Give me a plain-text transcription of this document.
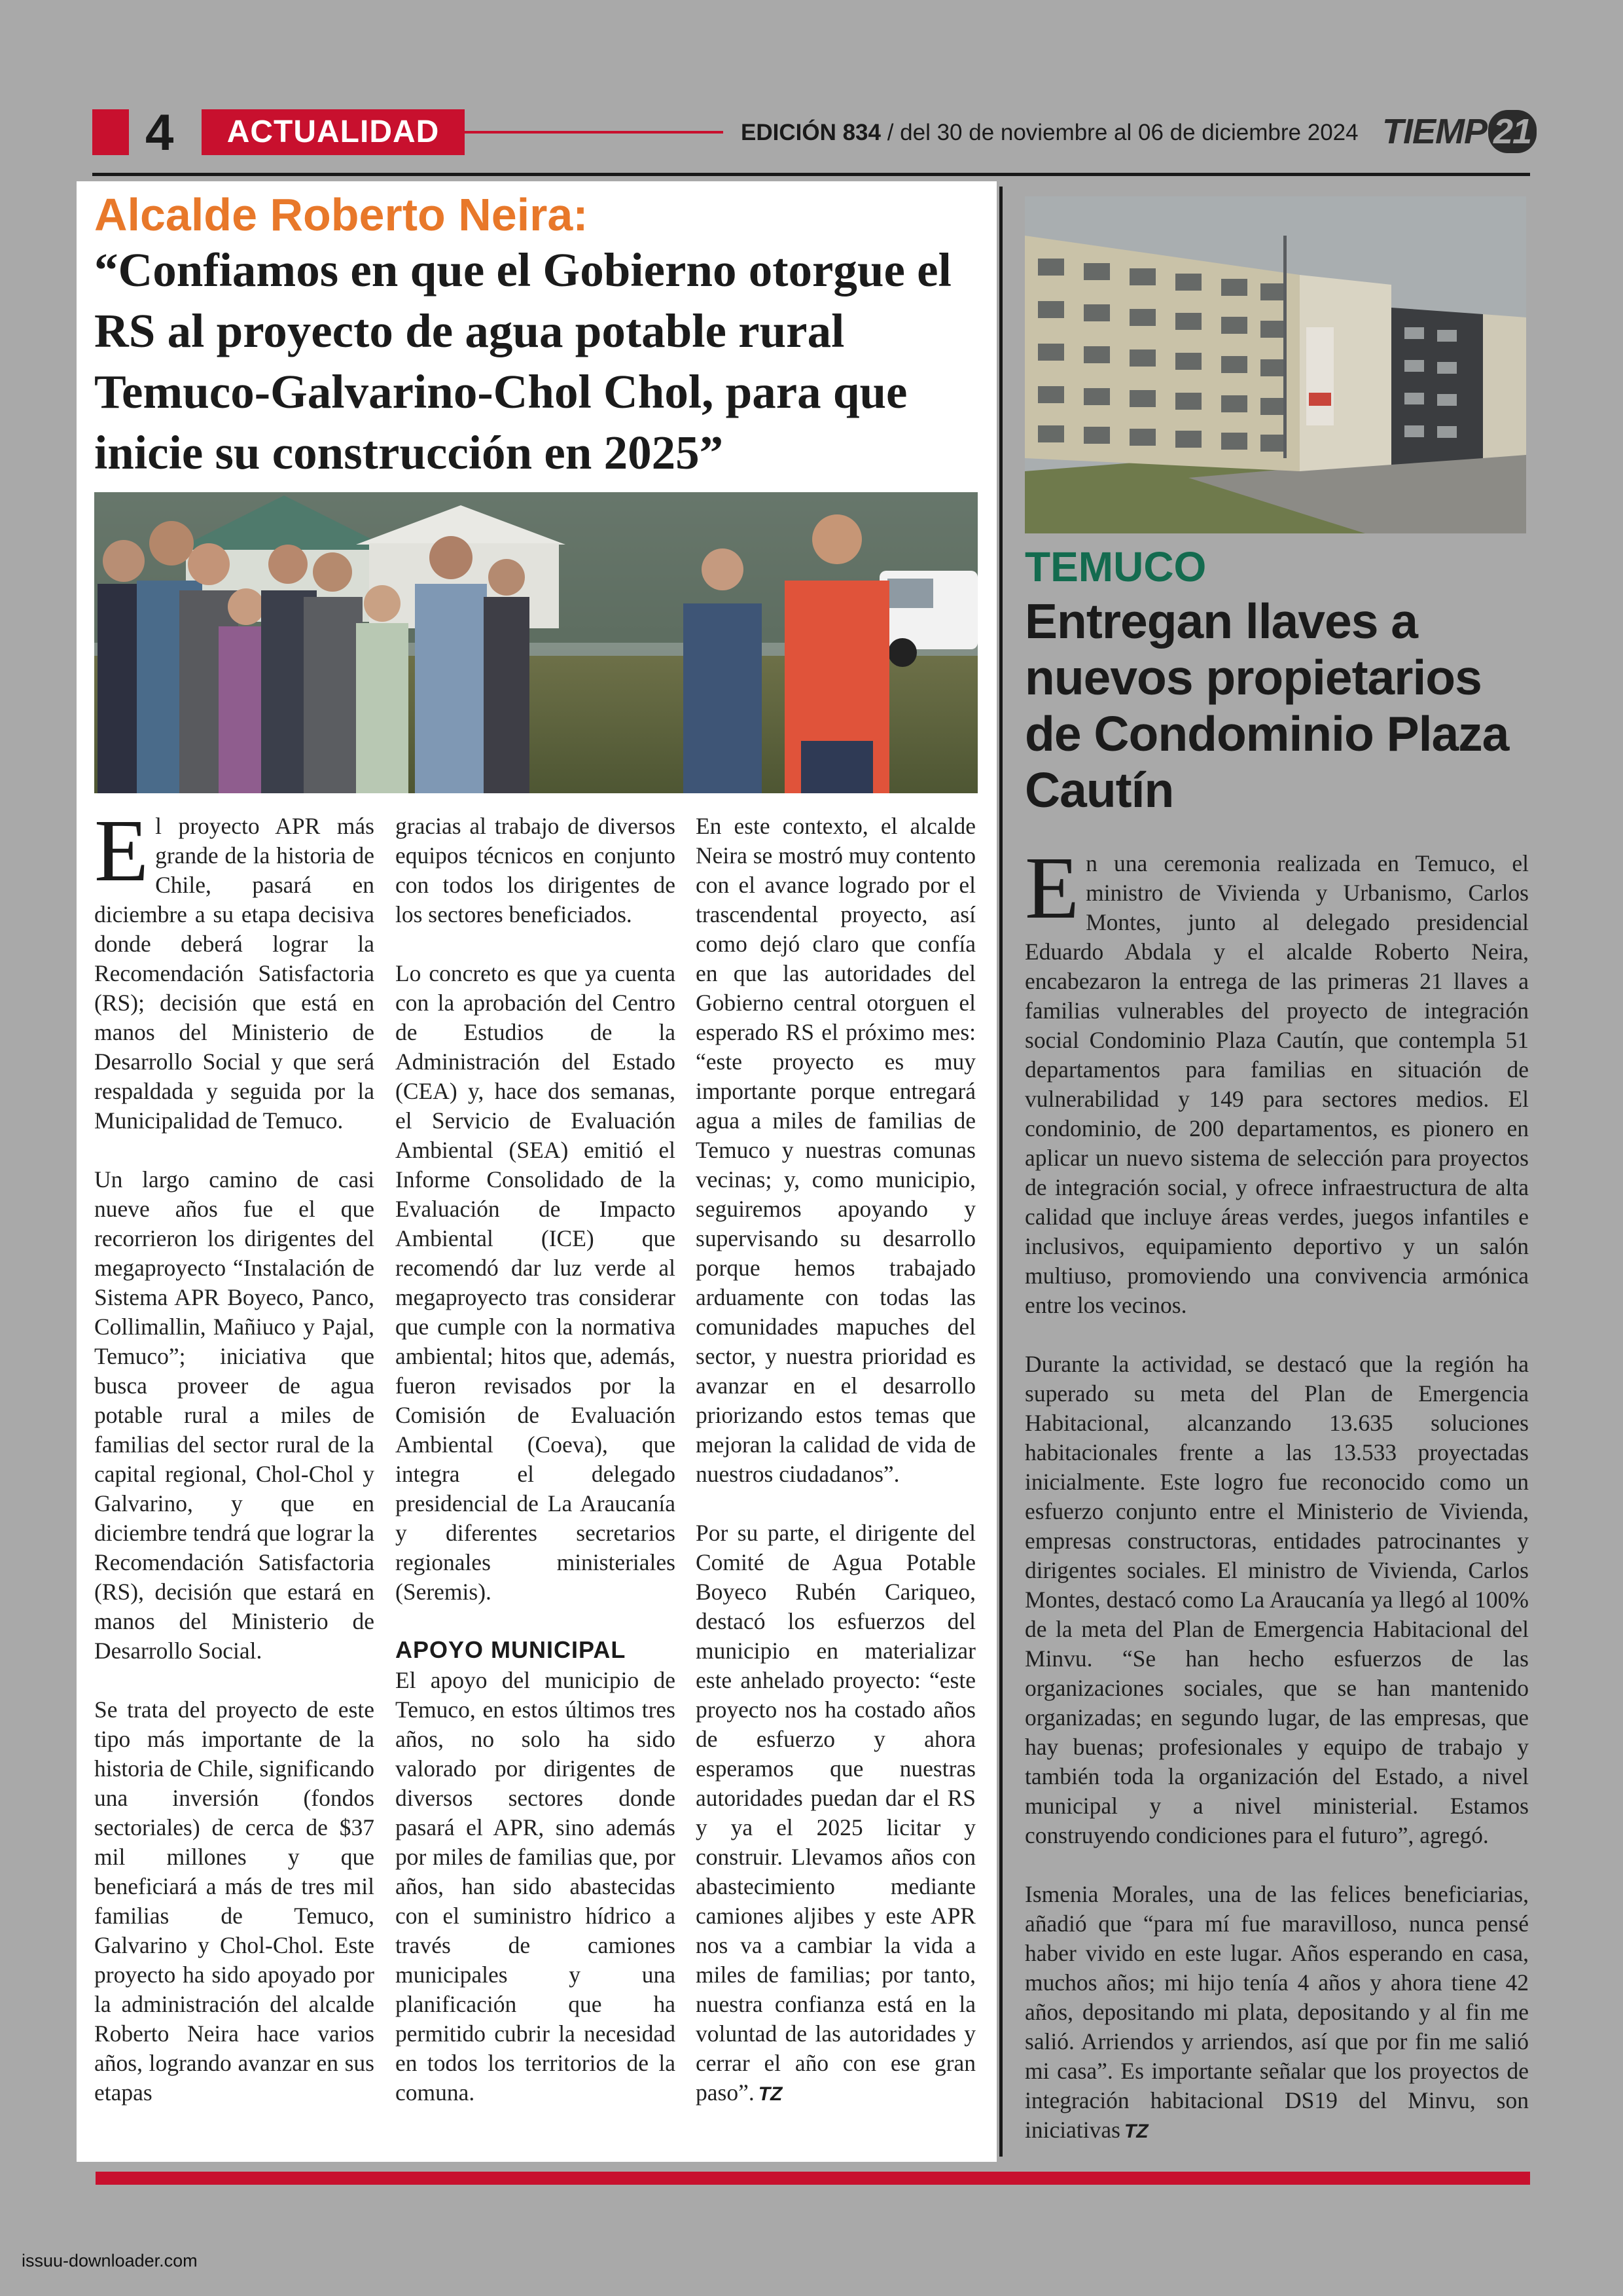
4	ACTUALIDAD	EDICIÓN 834 / del 30 de noviembre al 06 de diciembre 2024 TIEMP 21
Alcalde Roberto Neira:
“Confiamos en que el Gobierno otorgue el RS al proyecto de agua potable rural Temuco-Galvarino-Chol Chol, para que inicie su construcción en 2025”

El proyecto APR más grande de la historia de Chile, pasará en diciembre a su etapa decisiva donde deberá lograr la Recomendación Satisfactoria (RS); decisión que está en manos del Ministerio de Desarrollo Social y que será respaldada y seguida por la Municipalidad de Temuco.

Un largo camino de casi nueve años fue el que recorrieron los dirigentes del megaproyecto “Instalación de Sistema APR Boyeco, Panco, Collimallin, Mañiuco y Pajal, Temuco”; iniciativa que busca proveer de agua potable rural a miles de familias del sector rural de la capital regional, Chol-Chol y Galvarino, y que en diciembre tendrá que lograr la Recomendación Satisfactoria (RS), decisión que estará en manos del Ministerio de Desarrollo Social.

Se trata del proyecto de este tipo más importante de la historia de Chile, significando una inversión (fondos sectoriales) de cerca de $37 mil millones y que beneficiará a más de tres mil familias de Temuco, Galvarino y Chol-Chol. Este proyecto ha sido apoyado por la administración del alcalde Roberto Neira hace varios años, logrando avanzar en sus etapas

gracias al trabajo de diversos equipos técnicos en conjunto con todos los dirigentes de los sectores beneficiados.

Lo concreto es que ya cuenta con la aprobación del Centro de Estudios de la Administración del Estado (CEA) y, hace dos semanas, el Servicio de Evaluación Ambiental (SEA) emitió el Informe Consolidado de la Evaluación de Impacto Ambiental (ICE) que recomendó dar luz verde al megaproyecto tras considerar que cumple con la normativa ambiental; hitos que, además, fueron revisados por la Comisión de Evaluación Ambiental (Coeva), que integra el delegado presidencial de La Araucanía y diferentes secretarios regionales ministeriales (Seremis).

APOYO MUNICIPAL

El apoyo del municipio de Temuco, en estos últimos tres años, no solo ha sido valorado por dirigentes de diversos sectores donde pasará el APR, sino además por miles de familias que, por años, han sido abastecidas con el suministro hídrico a través de camiones municipales y una planificación que ha permitido cubrir la necesidad en todos los territorios de la comuna.

En este contexto, el alcalde Neira se mostró muy contento con el avance logrado por el trascendental proyecto, así como dejó claro que confía en que las autoridades del Gobierno central otorguen el esperado RS el próximo mes: “este proyecto es muy importante porque entregará agua a miles de familias de Temuco y nuestras comunas vecinas; y, como municipio, seguiremos apoyando y supervisando su desarrollo porque hemos trabajado arduamente con todas las comunidades mapuches del sector, y nuestra prioridad es avanzar en el desarrollo priorizando estos temas que mejoran la calidad de vida de nuestros ciudadanos”.

Por su parte, el dirigente del Comité de Agua Potable Boyeco Rubén Cariqueo, destacó los esfuerzos del municipio en materializar este anhelado proyecto: “este proyecto nos ha costado años de esfuerzo y ahora esperamos que nuestras autoridades puedan dar el RS y ya el 2025 licitar y construir. Llevamos años con abastecimiento mediante camiones aljibes y este APR nos va a cambiar la vida a miles de familias; por tanto, nuestra confianza está en la voluntad de las autoridades y cerrar el año con ese gran paso”. TZ

TEMUCO
Entregan llaves a nuevos propietarios de Condominio Plaza Cautín

En una ceremonia realizada en Temuco, el ministro de Vivienda y Urbanismo, Carlos Montes, junto al delegado presidencial Eduardo Abdala y el alcalde Roberto Neira, encabezaron la entrega de las primeras 21 llaves a familias vulnerables del proyecto de integración social Condominio Plaza Cautín, que contempla 51 departamentos para familias en situación de vulnerabilidad y 149 para sectores medios. El condominio, de 200 departamentos, es pionero en aplicar un nuevo sistema de selección para proyectos de integración social, y ofrece infraestructura de alta calidad que incluye áreas verdes, juegos infantiles e inclusivos, equipamiento deportivo y un salón multiuso, promoviendo una convivencia armónica entre los vecinos.

Durante la actividad, se destacó que la región ha superado su meta del Plan de Emergencia Habitacional, alcanzando 13.635 soluciones habitacionales frente a las 13.533 proyectadas inicialmente. Este logro fue reconocido como un esfuerzo conjunto entre el Ministerio de Vivienda, empresas constructoras, entidades patrocinantes y dirigentes sociales. El ministro de Vivienda, Carlos Montes, destacó como La Araucanía ya llegó al 100% de la meta del Plan de Emergencia Habitacional del Minvu. “Se han hecho esfuerzos de las organizaciones sociales, que se han mantenido organizadas; en segundo lugar, de las empresas, que hay buenas; profesionales y equipo de trabajo y también toda la organización del Estado, a nivel municipal y a nivel ministerial. Estamos construyendo condiciones para el futuro”, agregó.

Ismenia Morales, una de las felices beneficiarias, añadió que “para mí fue maravilloso, nunca pensé haber vivido en este lugar. Años esperando en casa, muchos años; mi hijo tenía 4 años y ahora tiene 42 años, depositando mi plata, depositando y al fin me salió. Arriendos y arriendos, así que por fin me salió mi casa”. Es importante señalar que los proyectos de integración habitacional DS19 del Minvu, son iniciativas TZ

issuu-downloader.com
